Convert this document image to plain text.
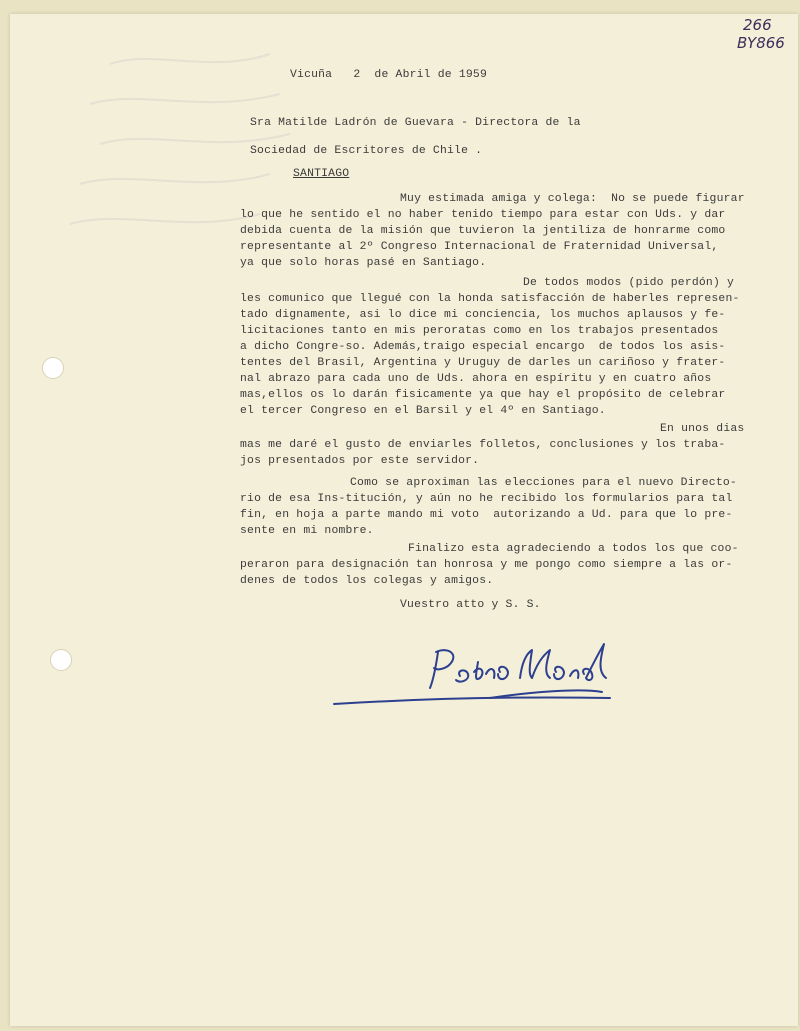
266
BY866

Vicuña   2  de Abril de 1959

Sra Matilde Ladrón de Guevara - Directora de la

Sociedad de Escritores de Chile .

SANTIAGO

Muy estimada amiga y colega:  No se puede figurar

lo que he sentido el no haber tenido tiempo para estar con Uds. y dar

debida cuenta de la misión que tuvieron la jentiliza de honrarme como

representante al 2º Congreso Internacional de Fraternidad Universal,

ya que solo horas pasé en Santiago.

De todos modos (pido perdón) y

les comunico que llegué con la honda satisfacción de haberles represen-

tado dignamente, asi lo dice mi conciencia, los muchos aplausos y fe-

licitaciones tanto en mis peroratas como en los trabajos presentados

a dicho Congre-so. Además,traigo especial encargo  de todos los asis-

tentes del Brasil, Argentina y Uruguy de darles un cariñoso y frater-

nal abrazo para cada uno de Uds. ahora en espíritu y en cuatro años

mas,ellos os lo darán fisicamente ya que hay el propósito de celebrar

el tercer Congreso en el Barsil y el 4º en Santiago.

En unos dias

mas me daré el gusto de enviarles folletos, conclusiones y los traba-

jos presentados por este servidor.

Como se aproximan las elecciones para el nuevo Directo-

rio de esa Ins-titución, y aún no he recibido los formularios para tal

fin, en hoja a parte mando mi voto  autorizando a Ud. para que lo pre-

sente en mi nombre.

Finalizo esta agradeciendo a todos los que coo-

peraron para designación tan honrosa y me pongo como siempre a las or-

denes de todos los colegas y amigos.

Vuestro atto y S. S.
